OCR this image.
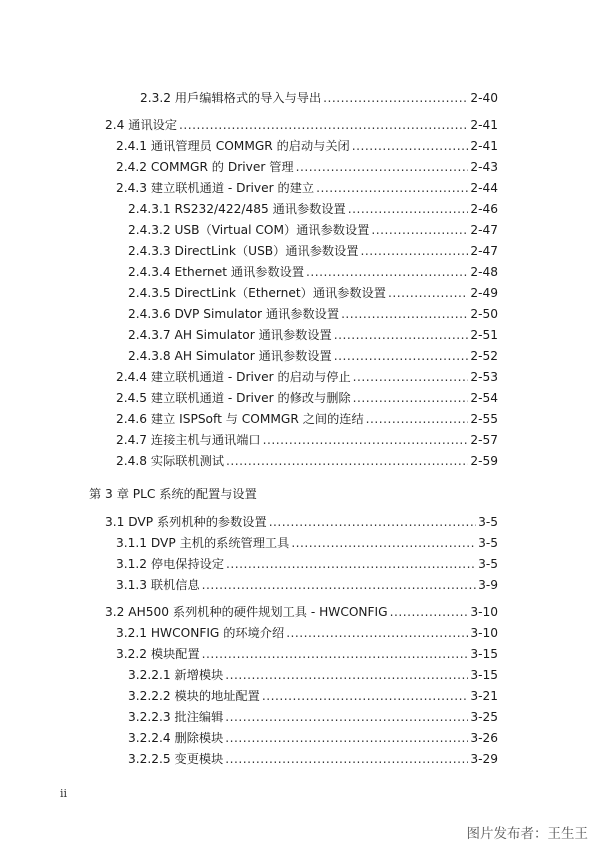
2.3.2 用戶编辑格式的导入与导出 .....	2-40
2.4 通讯设定 .....	2-41
2.4.1 通讯管理员 COMMGR 的启动与关闭 .....	2-41
2.4.2 COMMGR 的 Driver 管理 .....	2-43
2.4.3 建立联机通道 - Driver 的建立 .....	2-44
2.4.3.1 RS232/422/485 通讯参数设置 .....	2-46
2.4.3.2 USB（Virtual COM）通讯参数设置 .....	2-47
2.4.3.3 DirectLink（USB）通讯参数设置 .....	2-47
2.4.3.4 Ethernet 通讯参数设置 .....	2-48
2.4.3.5 DirectLink（Ethernet）通讯参数设置 .....	2-49
2.4.3.6 DVP Simulator 通讯参数设置 .....	2-50
2.4.3.7 AH Simulator 通讯参数设置 .....	2-51
2.4.3.8 AH Simulator 通讯参数设置 .....	2-52
2.4.4 建立联机通道 - Driver 的启动与停止 .....	2-53
2.4.5 建立联机通道 - Driver 的修改与删除 .....	2-54
2.4.6 建立 ISPSoft 与 COMMGR 之间的连结 .....	2-55
2.4.7 连接主机与通讯端口 .....	2-57
2.4.8 实际联机测试 .....	2-59
3.1 DVP 系列机种的参数设置 .....	3-5
3.1.1 DVP 主机的系统管理工具 .....	3-5
3.1.2 停电保持设定 .....	3-5
3.1.3 联机信息 .....	3-9
3.2 AH500 系列机种的硬件规划工具 - HWCONFIG .....	3-10
3.2.1 HWCONFIG 的环境介绍 .....	3-10
3.2.2 模块配置 .....	3-15
3.2.2.1 新增模块 .....	3-15
3.2.2.2 模块的地址配置 .....	3-21
3.2.2.3 批注编辑 .....	3-25
3.2.2.4 删除模块 .....	3-26
3.2.2.5 变更模块 .....	3-29
第 3 章 PLC 系统的配置与设置
ii
图片发布者：王生王
